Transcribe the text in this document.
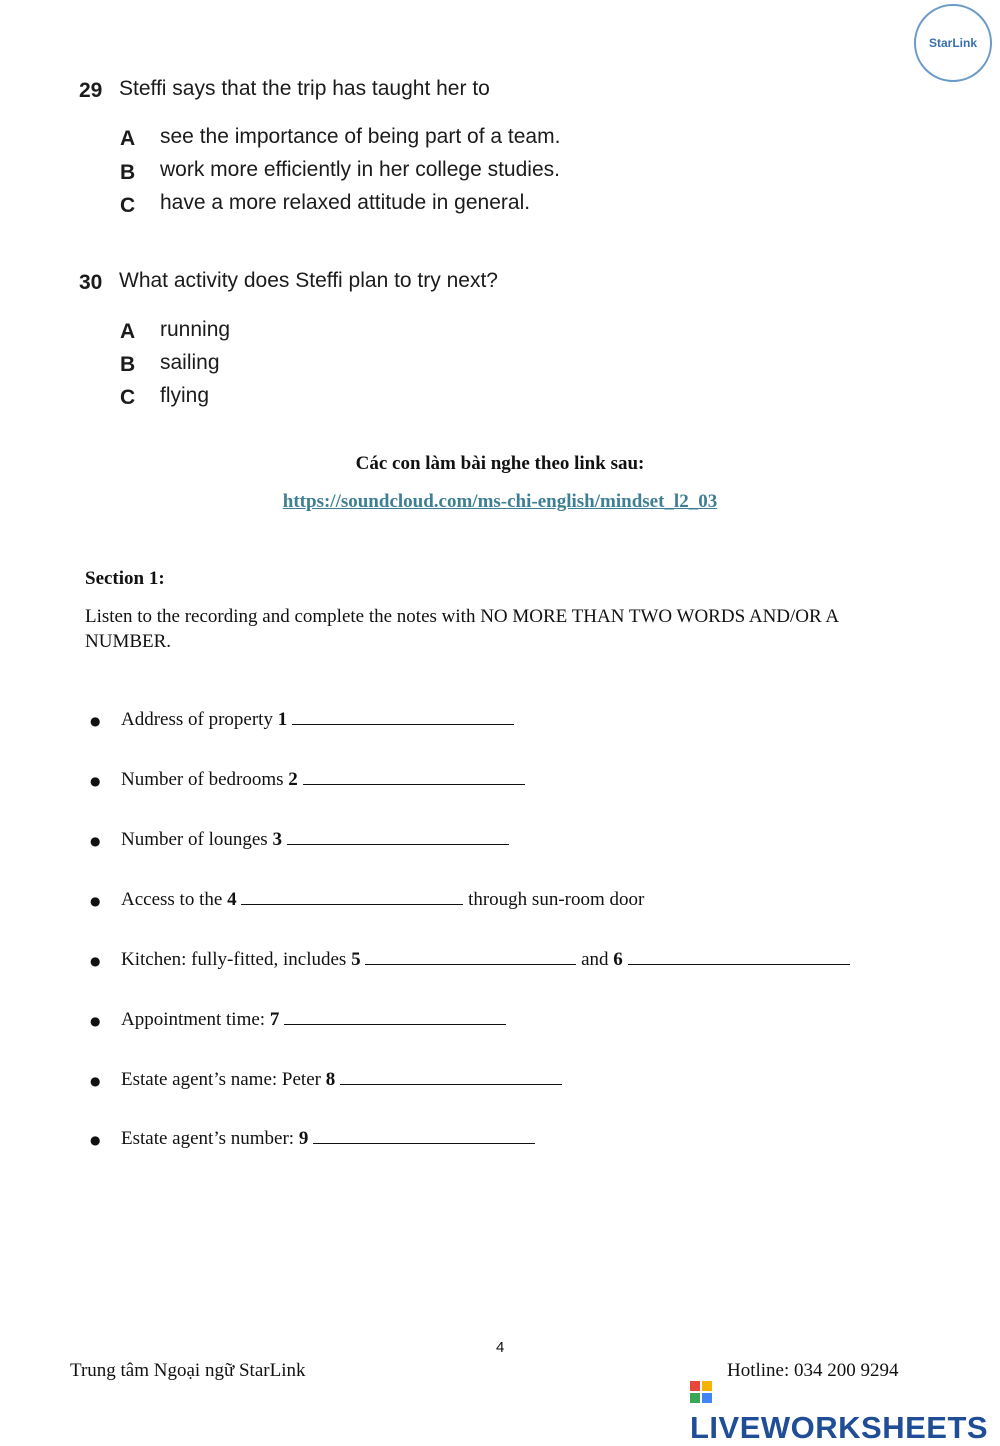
StarLink
29 Steffi says that the trip has taught her to
A see the importance of being part of a team.
B work more efficiently in her college studies.
C have a more relaxed attitude in general.
30 What activity does Steffi plan to try next?
A running
B sailing
C flying
Các con làm bài nghe theo link sau:
https://soundcloud.com/ms-chi-english/mindset_l2_03
Section 1:
Listen to the recording and complete the notes with NO MORE THAN TWO WORDS AND/OR A
NUMBER.
● Address of property 1
● Number of bedrooms 2
● Number of lounges 3
● Access to the 4	through sun-room door
● Kitchen: fully-fitted, includes 5	and 6
● Appointment time: 7
● Estate agent’s name: Peter 8
● Estate agent’s number: 9
4
Trung tâm Ngoại ngữ StarLink	Hotline: 034 200 9294
LIVEWORKSHEETS
